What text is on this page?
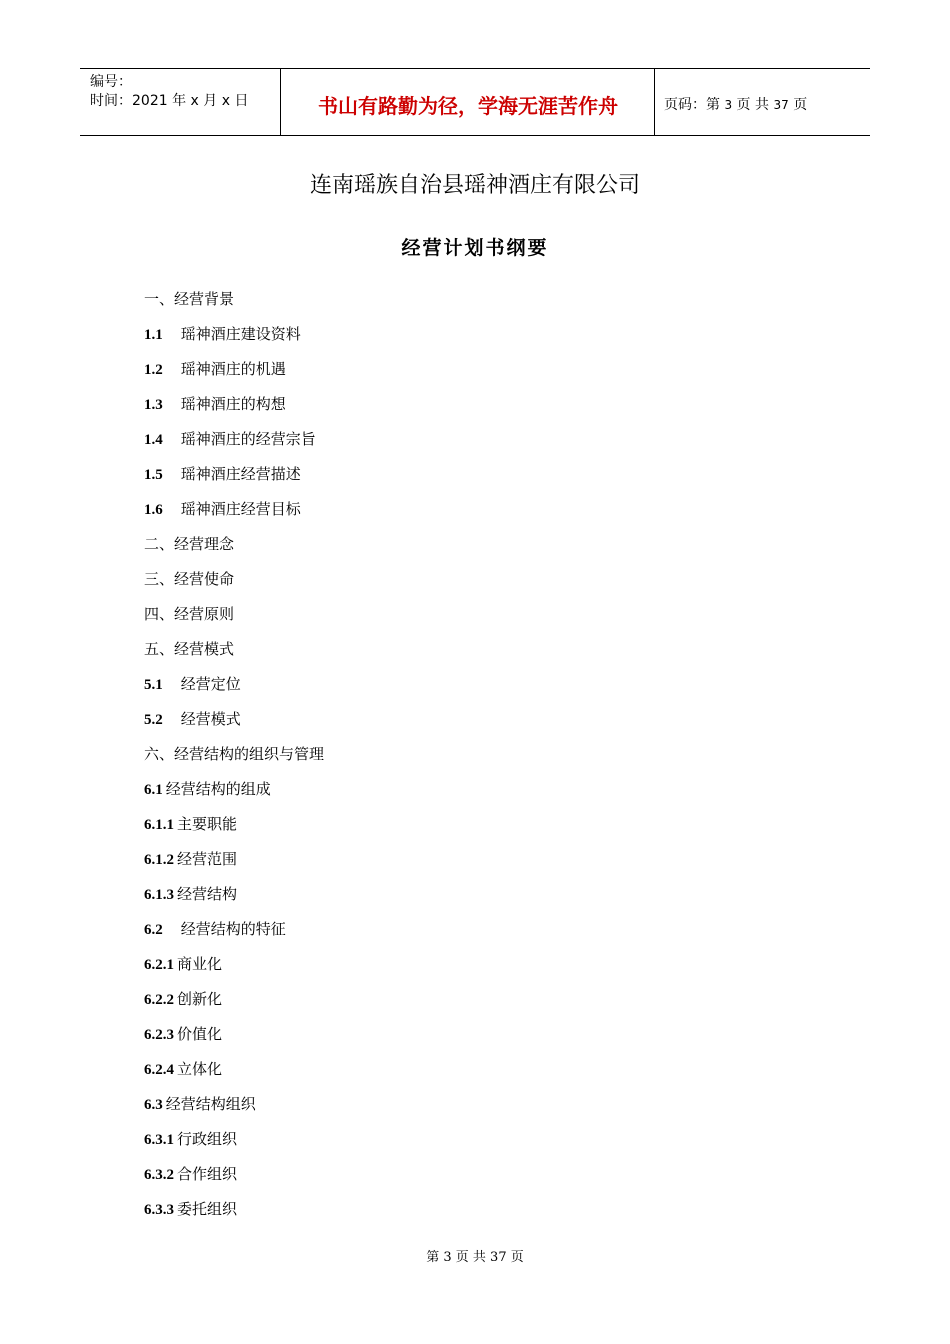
编号：
时间：2021 年 x 月 x 日	书山有路勤为径，学海无涯苦作舟	页码：第 3 页 共 37 页
连南瑶族自治县瑶神酒庄有限公司
经营计划书纲要
一、经营背景
1.1 瑶神酒庄建设资料
1.2 瑶神酒庄的机遇
1.3 瑶神酒庄的构想
1.4 瑶神酒庄的经营宗旨
1.5 瑶神酒庄经营描述
1.6 瑶神酒庄经营目标
二、经营理念
三、经营使命
四、经营原则
五、经营模式
5.1 经营定位
5.2 经营模式
六、经营结构的组织与管理
6.1 经营结构的组成
6.1.1 主要职能
6.1.2 经营范围
6.1.3 经营结构
6.2 经营结构的特征
6.2.1 商业化
6.2.2 创新化
6.2.3 价值化
6.2.4 立体化
6.3 经营结构组织
6.3.1 行政组织
6.3.2 合作组织
6.3.3 委托组织
第 3 页 共 37 页
